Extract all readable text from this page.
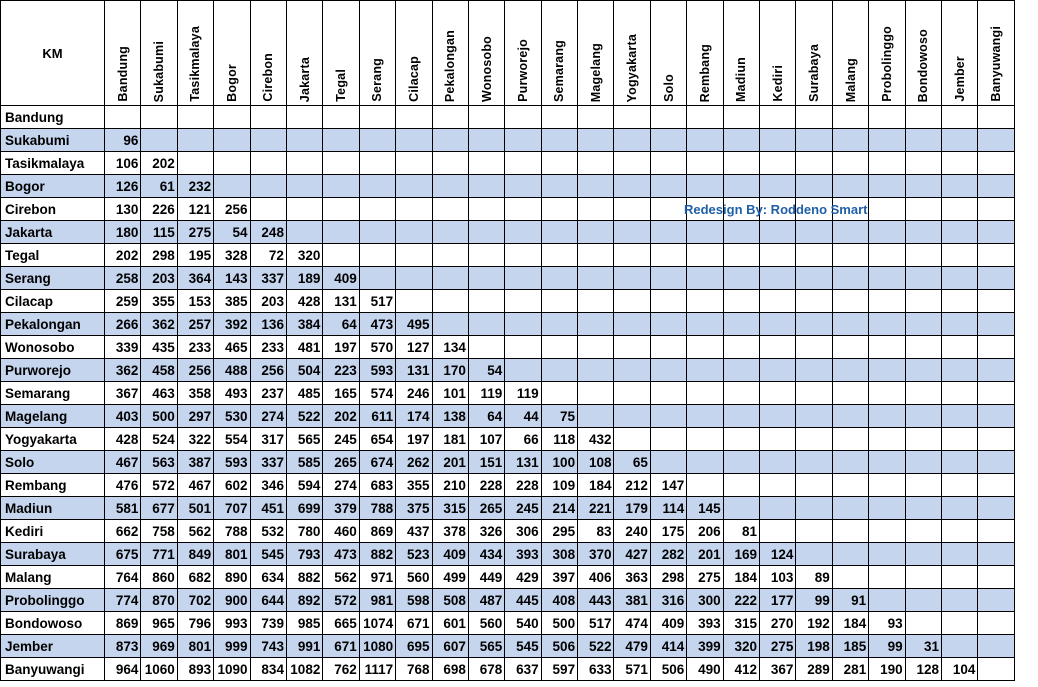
KM	Bandung	Sukabumi	Tasikmalaya	Bogor	Cirebon	Jakarta	Tegal	Serang	Cilacap	Pekalongan	Wonosobo	Purworejo	Semarang	Magelang	Yogyakarta	Solo	Rembang	Madiun	Kediri	Surabaya	Malang	Probolinggo	Bondowoso	Jember	Banyuwangi
Bandung																									
Sukabumi	96																								
Tasikmalaya	106	202																							
Bogor	126	61	232																						
Cirebon	130	226	121	256																					
Jakarta	180	115	275	54	248																				
Tegal	202	298	195	328	72	320																			
Serang	258	203	364	143	337	189	409																		
Cilacap	259	355	153	385	203	428	131	517																	
Pekalongan	266	362	257	392	136	384	64	473	495																
Wonosobo	339	435	233	465	233	481	197	570	127	134															
Purworejo	362	458	256	488	256	504	223	593	131	170	54														
Semarang	367	463	358	493	237	485	165	574	246	101	119	119													
Magelang	403	500	297	530	274	522	202	611	174	138	64	44	75												
Yogyakarta	428	524	322	554	317	565	245	654	197	181	107	66	118	432											
Solo	467	563	387	593	337	585	265	674	262	201	151	131	100	108	65										
Rembang	476	572	467	602	346	594	274	683	355	210	228	228	109	184	212	147									
Madiun	581	677	501	707	451	699	379	788	375	315	265	245	214	221	179	114	145								
Kediri	662	758	562	788	532	780	460	869	437	378	326	306	295	83	240	175	206	81							
Surabaya	675	771	849	801	545	793	473	882	523	409	434	393	308	370	427	282	201	169	124						
Malang	764	860	682	890	634	882	562	971	560	499	449	429	397	406	363	298	275	184	103	89					
Probolinggo	774	870	702	900	644	892	572	981	598	508	487	445	408	443	381	316	300	222	177	99	91				
Bondowoso	869	965	796	993	739	985	665	1074	671	601	560	540	500	517	474	409	393	315	270	192	184	93			
Jember	873	969	801	999	743	991	671	1080	695	607	565	545	506	522	479	414	399	320	275	198	185	99	31		
Banyuwangi	964	1060	893	1090	834	1082	762	1117	768	698	678	637	597	633	571	506	490	412	367	289	281	190	128	104	
Redesign By: Roddeno Smart
